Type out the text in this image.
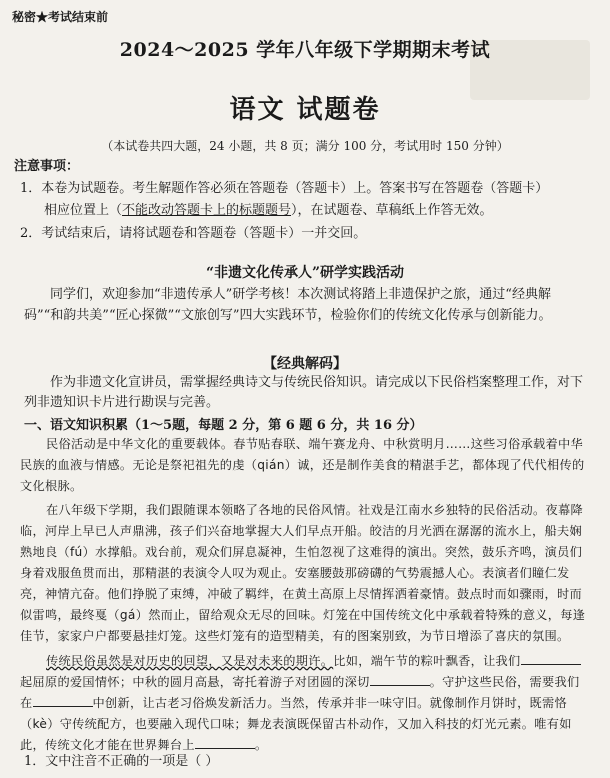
秘密★考试结束前
2024～2025 学年八年级下学期期末考试
语文 试题卷
（本试卷共四大题，24 小题，共 8 页；满分 100 分，考试用时 150 分钟）
注意事项：
1．本卷为试题卷。考生解题作答必须在答题卷（答题卡）上。答案书写在答题卷（答题卡）
相应位置上（不能改动答题卡上的标题题号），在试题卷、草稿纸上作答无效。
2．考试结束后，请将试题卷和答题卷（答题卡）一并交回。
“非遗文化传承人”研学实践活动
同学们，欢迎参加“非遗传承人”研学考核！本次测试将踏上非遗保护之旅，通过“经典解码”“和韵共美”“匠心探微”“文旅创写”四大实践环节，检验你们的传统文化传承与创新能力。
【经典解码】
作为非遗文化宣讲员，需掌握经典诗文与传统民俗知识。请完成以下民俗档案整理工作，对下列非遗知识卡片进行勘误与完善。
一、语文知识积累（1～5题，每题 2 分，第 6 题 6 分，共 16 分）
民俗活动是中华文化的重要载体。春节贴春联、端午赛龙舟、中秋赏明月……这些习俗承载着中华民族的血液与情感。无论是祭祀祖先的虔（qián）诚，还是制作美食的精湛手艺，都体现了代代相传的文化根脉。
在八年级下学期，我们跟随课本领略了各地的民俗风情。社戏是江南水乡独特的民俗活动。夜幕降临，河岸上早已人声鼎沸，孩子们兴奋地掌握大人们早点开船。皎洁的月光洒在潺潺的流水上，船夫娴熟地良（fú）水撑船。戏台前，观众们屏息凝神，生怕忽视了这难得的演出。突然，鼓乐齐鸣，演员们身着戏服鱼贯而出，那精湛的表演令人叹为观止。安塞腰鼓那磅礴的气势震撼人心。表演者们瞳仁发亮，神情亢奋。他们挣脱了束缚，冲破了羁绊，在黄土高原上尽情挥洒着豪情。鼓点时而如骤雨，时而似雷鸣，最终戛（gá）然而止，留给观众无尽的回味。灯笼在中国传统文化中承载着特殊的意义，每逢佳节，家家户户都要悬挂灯笼。这些灯笼有的造型精美，有的图案别致，为节日增添了喜庆的氛围。
传统民俗虽然是对历史的回望，又是对未来的期许。比如，端午节的粽叶飘香，让我们起屈原的爱国情怀；中秋的圆月高悬，寄托着游子对团圆的深切	。守护这些民俗，需要我们在	中创新，让古老习俗焕发新活力。当然，传承并非一味守旧。就像制作月饼时，既需恪（kè）守传统配方，也要融入现代口味；舞龙表演既保留古朴动作，又加入科技的灯光元素。唯有如此，传统文化才能在世界舞台上	。
1．文中注音不正确的一项是（ ）
